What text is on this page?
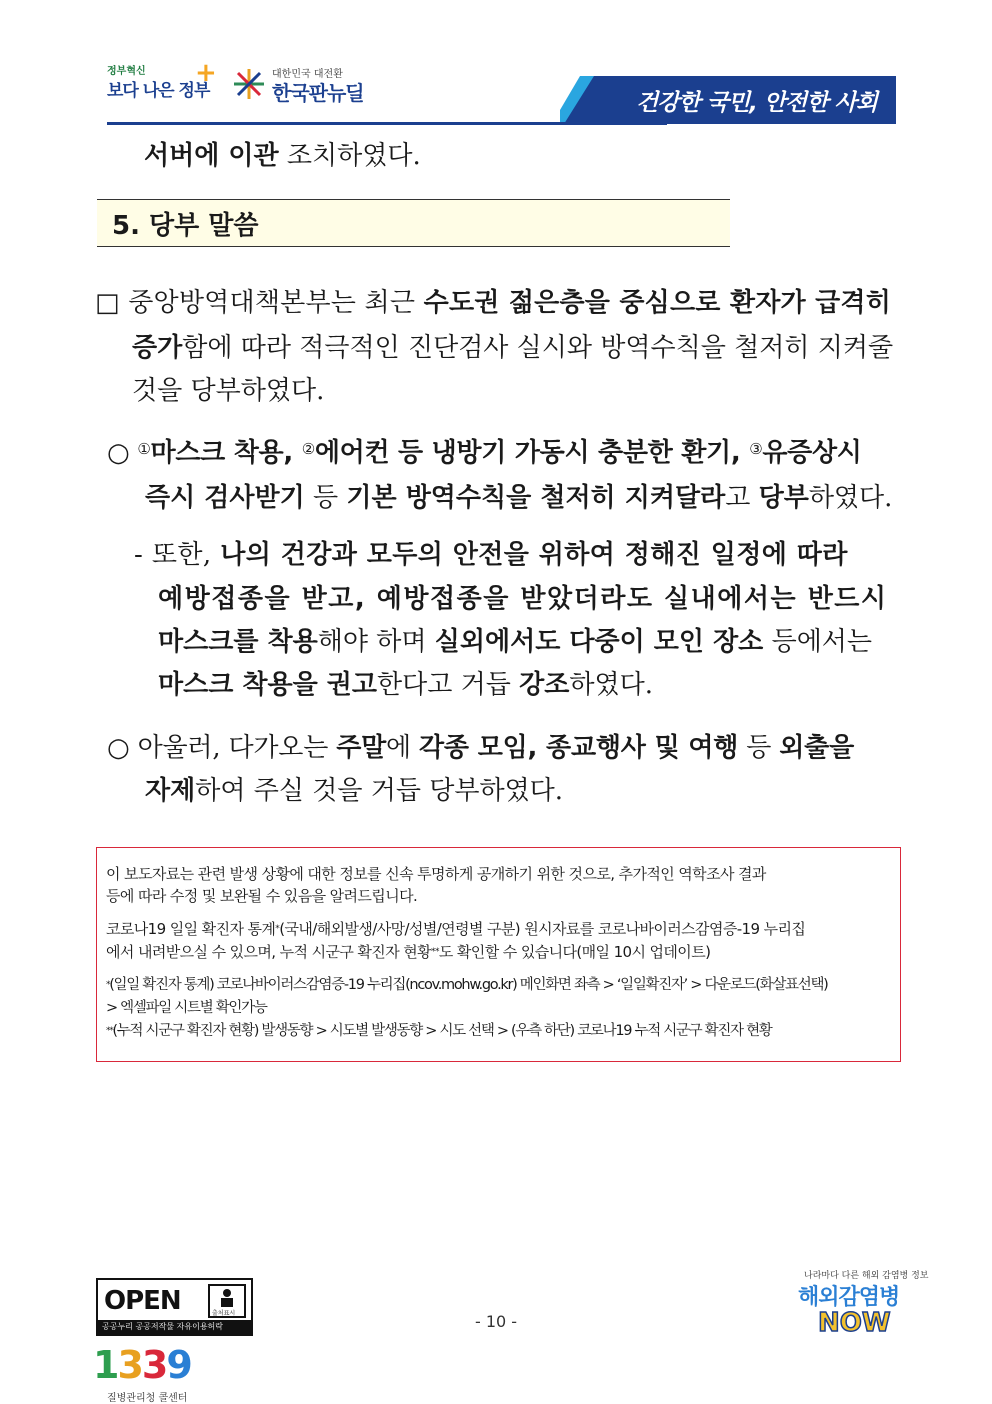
정부혁신
보다 나은 정부
+	대한민국 대전환
한국판뉴딜	건강한 국민, 안전한 사회
서버에 이관 조치하였다.
5. 당부 말씀
□ 중앙방역대책본부는 최근 수도권 젊은층을 중심으로 환자가 급격히
증가함에 따라 적극적인 진단검사 실시와 방역수칙을 철저히 지켜줄
것을 당부하였다.
○ ①마스크 착용, ②에어컨 등 냉방기 가동시 충분한 환기, ③유증상시
즉시 검사받기 등 기본 방역수칙을 철저히 지켜달라고 당부하였다.
- 또한, 나의 건강과 모두의 안전을 위하여 정해진 일정에 따라
예방접종을 받고, 예방접종을 받았더라도 실내에서는 반드시
마스크를 착용해야 하며 실외에서도 다중이 모인 장소 등에서는
마스크 착용을 권고한다고 거듭 강조하였다.
○ 아울러, 다가오는 주말에 각종 모임, 종교행사 및 여행 등 외출을
자제하여 주실 것을 거듭 당부하였다.
이 보도자료는 관련 발생 상황에 대한 정보를 신속 투명하게 공개하기 위한 것으로, 추가적인 역학조사 결과
등에 따라 수정 및 보완될 수 있음을 알려드립니다.
코로나19 일일 확진자 통계*(국내/해외발생/사망/성별/연령별 구분) 원시자료를 코로나바이러스감염증-19 누리집
에서 내려받으실 수 있으며, 누적 시군구 확진자 현황**도 확인할 수 있습니다(매일 10시 업데이트)
*(일일 확진자 통계) 코로나바이러스감염증-19 누리집(ncov.mohw.go.kr) 메인화면 좌측 > ‘일일확진자’ > 다운로드(화살표선택)
> 엑셀파일 시트별 확인가능
**(누적 시군구 확진자 현황) 발생동향 > 시도별 발생동향 > 시도 선택 > (우측 하단) 코로나19 누적 시군구 확진자 현황
OPEN	출처표시
공공누리 공공저작물 자유이용허락
1339
질병관리청 콜센터
- 10 -
나라마다 다른 해외 감염병 정보
해외감염병
NOW
